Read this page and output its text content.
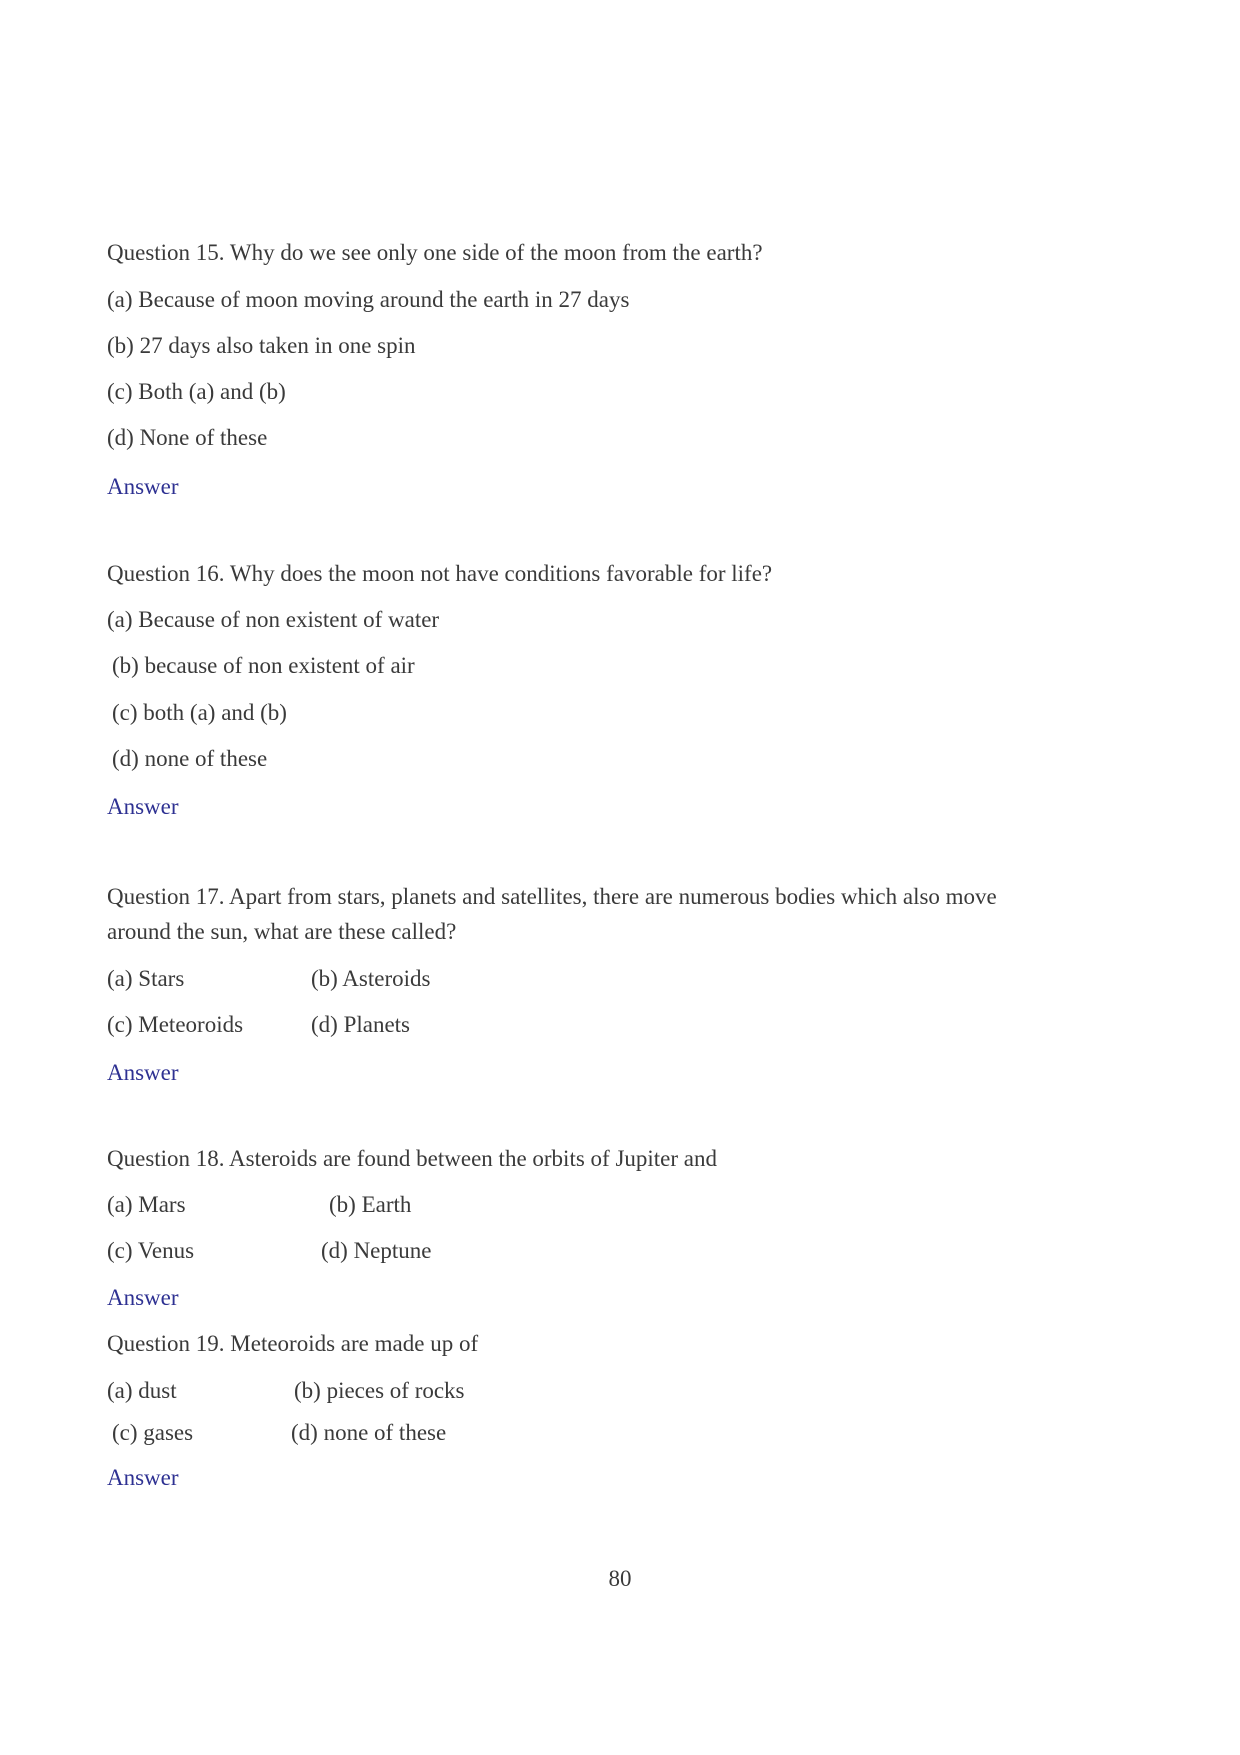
Question 15. Why do we see only one side of the moon from the earth?
(a) Because of moon moving around the earth in 27 days
(b) 27 days also taken in one spin
(c) Both (a) and (b)
(d) None of these
Answer
Question 16. Why does the moon not have conditions favorable for life?
(a) Because of non existent of water
(b) because of non existent of air
(c) both (a) and (b)
(d) none of these
Answer
Question 17. Apart from stars, planets and satellites, there are numerous bodies which also move
around the sun, what are these called?
(a) Stars	(b) Asteroids
(c) Meteoroids	(d) Planets
Answer
Question 18. Asteroids are found between the orbits of Jupiter and
(a) Mars	(b) Earth
(c) Venus	(d) Neptune
Answer
Question 19. Meteoroids are made up of
(a) dust	(b) pieces of rocks
(c) gases	(d) none of these
Answer
80
